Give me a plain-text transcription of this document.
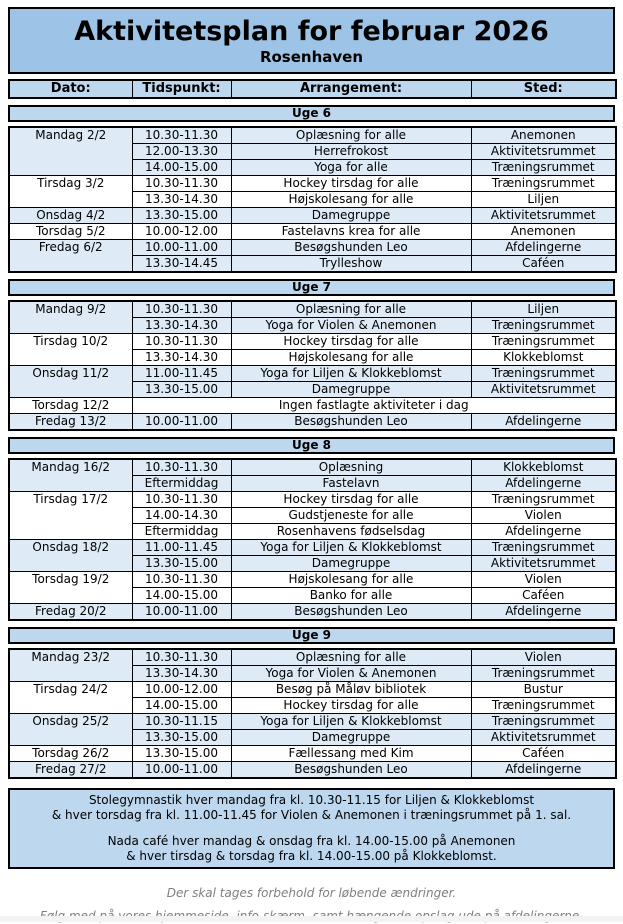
Aktivitetsplan for februar 2026
Rosenhaven
Dato:	Tidspunkt:	Arrangement:	Sted:
Uge 6
Mandag 2/2	10.30-11.30	Oplæsning for alle	Anemonen
	12.00-13.30	Herrefrokost	Aktivitetsrummet
	14.00-15.00	Yoga for alle	Træningsrummet
Tirsdag 3/2	10.30-11.30	Hockey tirsdag for alle	Træningsrummet
	13.30-14.30	Højskolesang for alle	Liljen
Onsdag 4/2	13.30-15.00	Damegruppe	Aktivitetsrummet
Torsdag 5/2	10.00-12.00	Fastelavns krea for alle	Anemonen
Fredag 6/2	10.00-11.00	Besøgshunden Leo	Afdelingerne
	13.30-14.45	Trylleshow	Caféen
Uge 7
Mandag 9/2	10.30-11.30	Oplæsning for alle	Liljen
	13.30-14.30	Yoga for Violen & Anemonen	Træningsrummet
Tirsdag 10/2	10.30-11.30	Hockey tirsdag for alle	Træningsrummet
	13.30-14.30	Højskolesang for alle	Klokkeblomst
Onsdag 11/2	11.00-11.45	Yoga for Liljen & Klokkeblomst	Træningsrummet
	13.30-15.00	Damegruppe	Aktivitetsrummet
Torsdag 12/2	Ingen fastlagte aktiviteter i dag		
Fredag 13/2	10.00-11.00	Besøgshunden Leo	Afdelingerne
Uge 8
Mandag 16/2	10.30-11.30	Oplæsning	Klokkeblomst
	Eftermiddag	Fastelavn	Afdelingerne
Tirsdag 17/2	10.30-11.30	Hockey tirsdag for alle	Træningsrummet
	14.00-14.30	Gudstjeneste for alle	Violen
	Eftermiddag	Rosenhavens fødselsdag	Afdelingerne
Onsdag 18/2	11.00-11.45	Yoga for Liljen & Klokkeblomst	Træningsrummet
	13.30-15.00	Damegruppe	Aktivitetsrummet
Torsdag 19/2	10.30-11.30	Højskolesang for alle	Violen
	14.00-15.00	Banko for alle	Caféen
Fredag 20/2	10.00-11.00	Besøgshunden Leo	Afdelingerne
Uge 9
Mandag 23/2	10.30-11.30	Oplæsning for alle	Violen
	13.30-14.30	Yoga for Violen & Anemonen	Træningsrummet
Tirsdag 24/2	10.00-12.00	Besøg på Måløv bibliotek	Bustur
	14.00-15.00	Hockey tirsdag for alle	Træningsrummet
Onsdag 25/2	10.30-11.15	Yoga for Liljen & Klokkeblomst	Træningsrummet
	13.30-15.00	Damegruppe	Aktivitetsrummet
Torsdag 26/2	13.30-15.00	Fællessang med Kim	Caféen
Fredag 27/2	10.00-11.00	Besøgshunden Leo	Afdelingerne
Stolegymnastik hver mandag fra kl. 10.30-11.15 for Liljen & Klokkeblomst
& hver torsdag fra kl. 11.00-11.45 for Violen & Anemonen i træningsrummet på 1. sal.
Nada café hver mandag & onsdag fra kl. 14.00-15.00 på Anemonen
& hver tirsdag & torsdag fra kl. 14.00-15.00 på Klokkeblomst.
Der skal tages forbehold for løbende ændringer.
